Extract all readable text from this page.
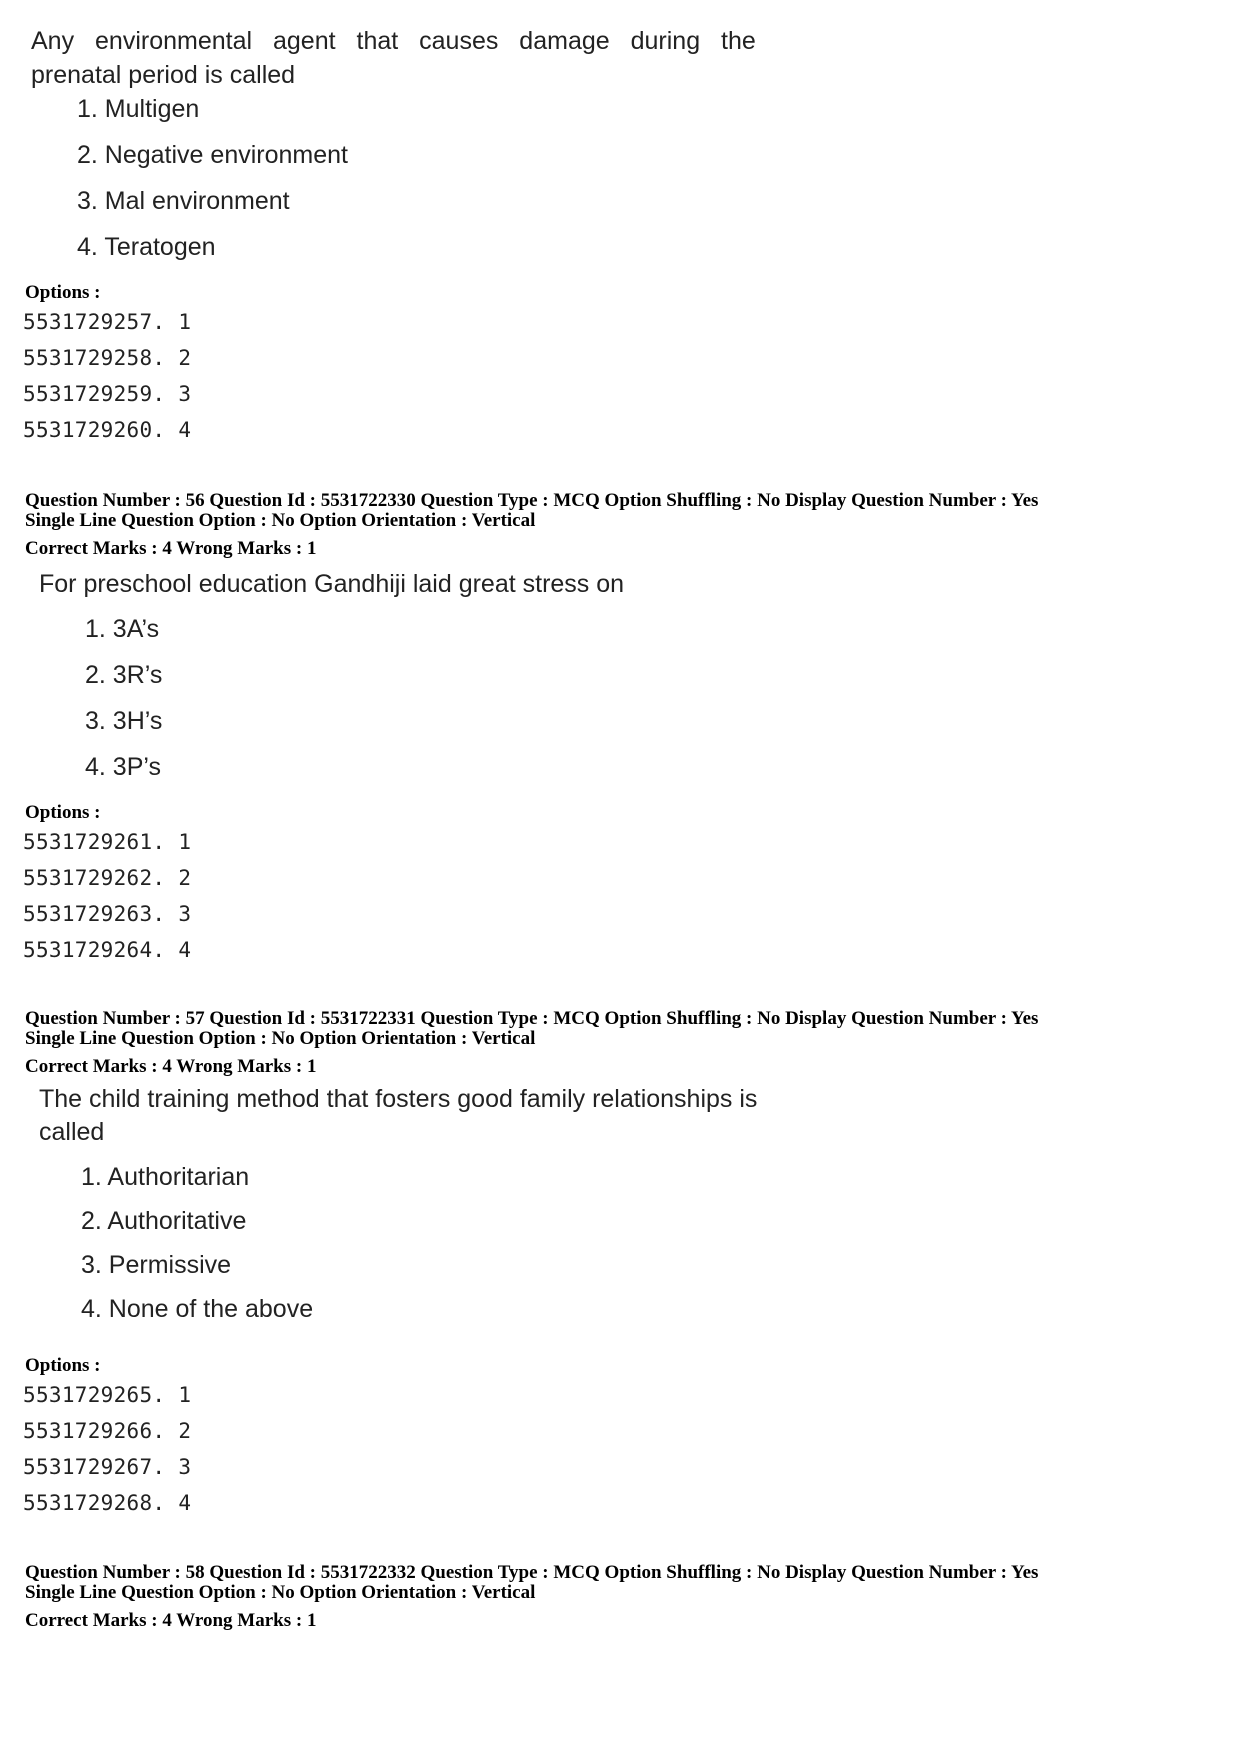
Any environmental agent that causes damage during the
prenatal period is called
1. Multigen
2. Negative environment
3. Mal environment
4. Teratogen
Options :
5531729257. 1
5531729258. 2
5531729259. 3
5531729260. 4
Question Number : 56 Question Id : 5531722330 Question Type : MCQ Option Shuffling : No Display Question Number : Yes
Single Line Question Option : No Option Orientation : Vertical
Correct Marks : 4 Wrong Marks : 1
For preschool education Gandhiji laid great stress on
1. 3A’s
2. 3R’s
3. 3H’s
4. 3P’s
Options :
5531729261. 1
5531729262. 2
5531729263. 3
5531729264. 4
Question Number : 57 Question Id : 5531722331 Question Type : MCQ Option Shuffling : No Display Question Number : Yes
Single Line Question Option : No Option Orientation : Vertical
Correct Marks : 4 Wrong Marks : 1
The child training method that fosters good family relationships is
called
1. Authoritarian
2. Authoritative
3. Permissive
4. None of the above
Options :
5531729265. 1
5531729266. 2
5531729267. 3
5531729268. 4
Question Number : 58 Question Id : 5531722332 Question Type : MCQ Option Shuffling : No Display Question Number : Yes
Single Line Question Option : No Option Orientation : Vertical
Correct Marks : 4 Wrong Marks : 1
